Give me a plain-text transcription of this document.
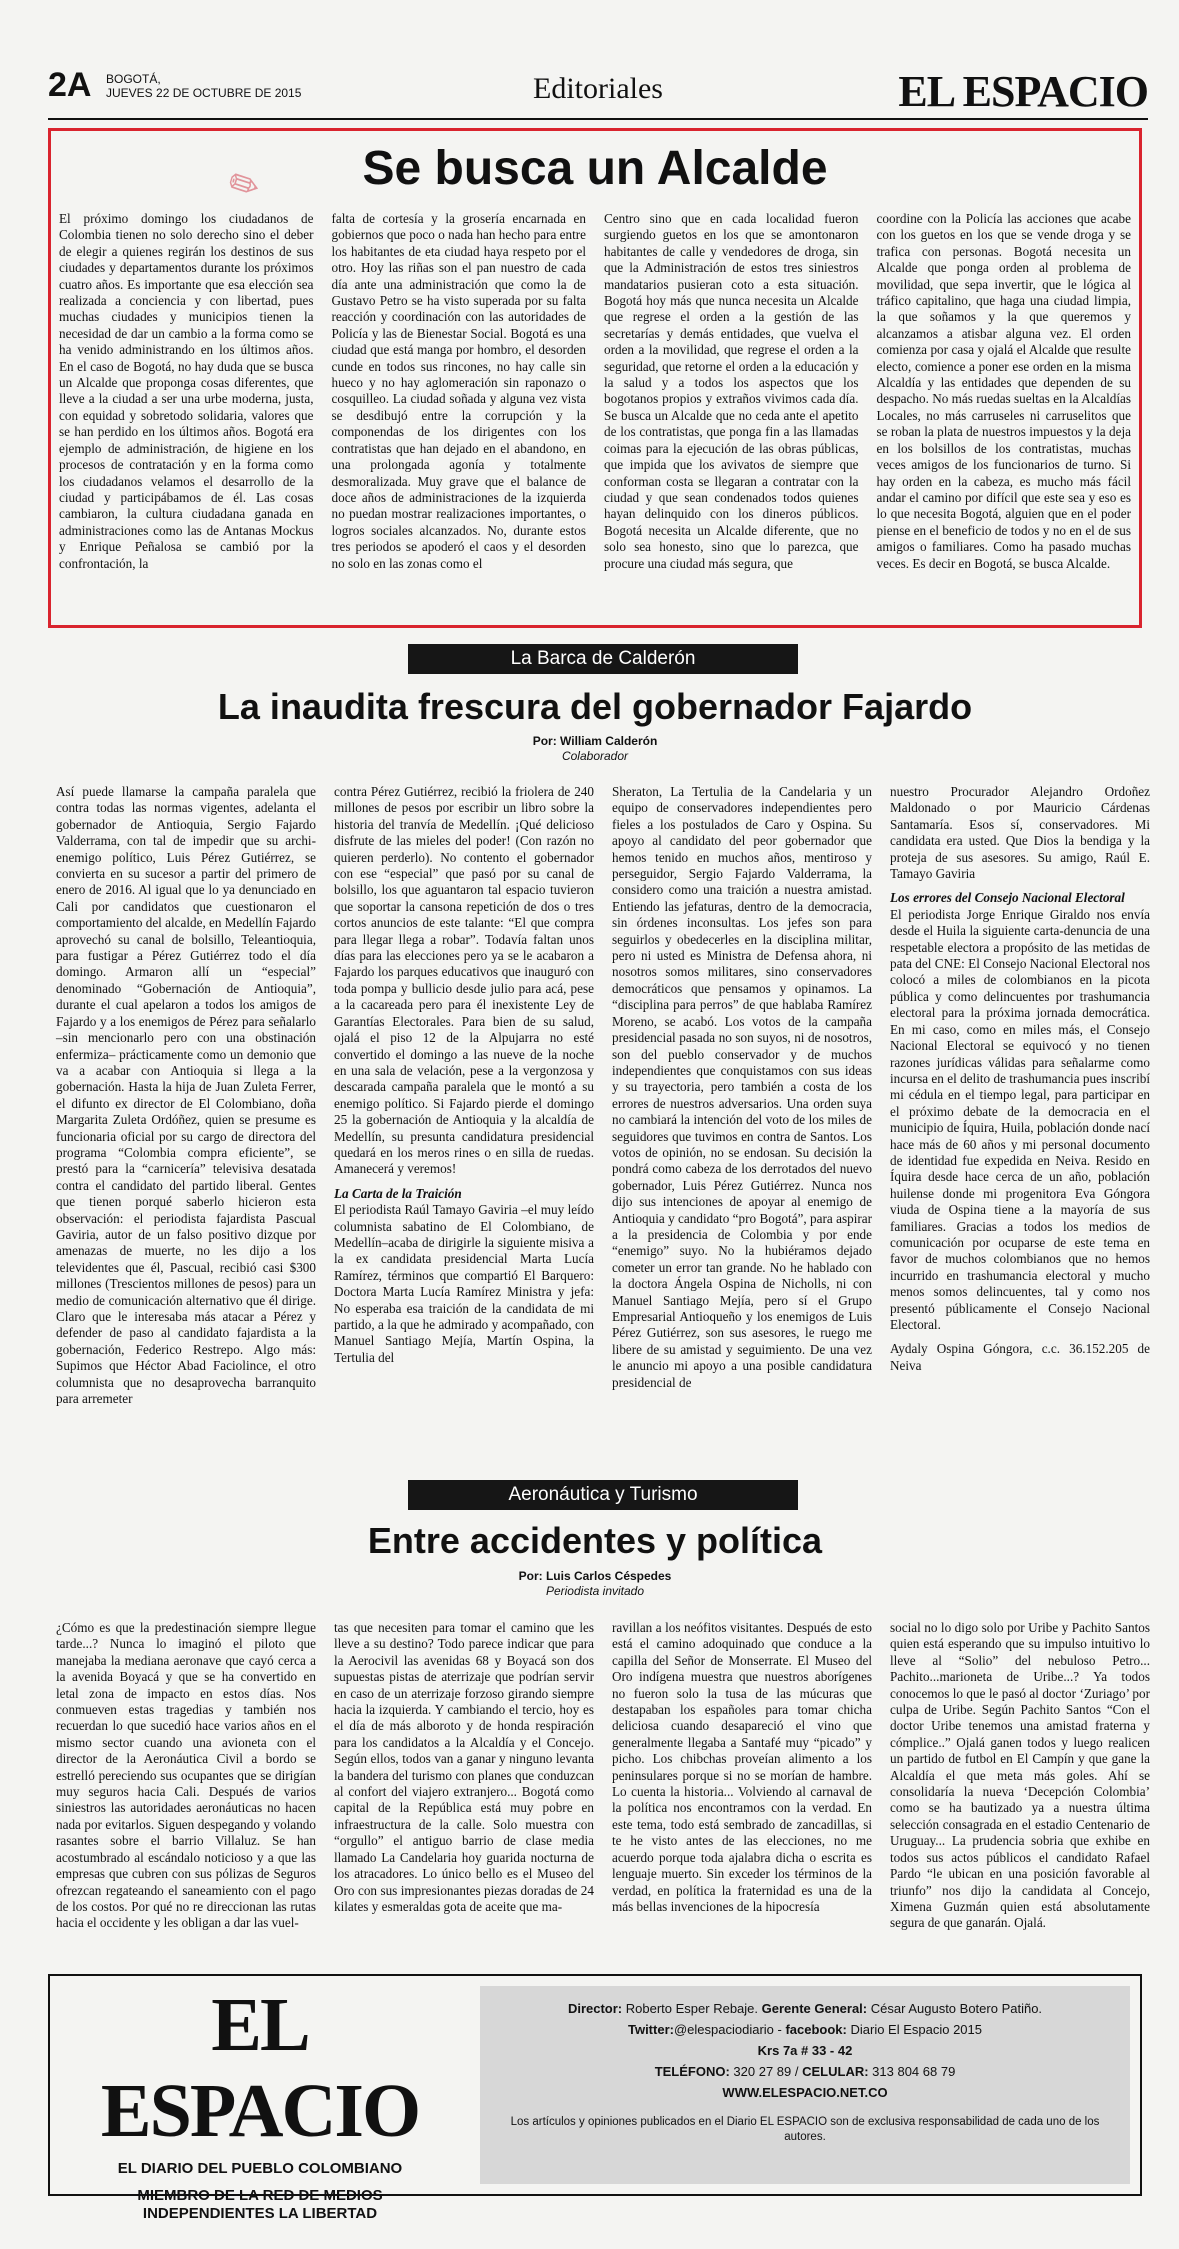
2A BOGOTÁ,
JUEVES 22 DE OCTUBRE DE 2015	Editoriales	EL ESPACIO
✎	Se busca un Alcalde

El próximo domingo los ciudadanos de Colombia tienen no solo derecho sino el deber de elegir a quienes regirán los destinos de sus ciudades y departamentos durante los próximos cuatro años. Es importante que esa elección sea realizada a conciencia y con libertad, pues muchas ciudades y municipios tienen la necesidad de dar un cambio a la forma como se ha venido administrando en los últimos años. En el caso de Bogotá, no hay duda que se busca un Alcalde que proponga cosas diferentes, que lleve a la ciudad a ser una urbe moderna, justa, con equidad y sobretodo solidaria, valores que se han perdido en los últimos años. Bogotá era ejemplo de administración, de higiene en los procesos de contratación y en la forma como los ciudadanos velamos el desarrollo de la ciudad y participábamos de él. Las cosas cambiaron, la cultura ciudadana ganada en administraciones como las de Antanas Mockus y Enrique Peñalosa se cambió por la confrontación, la

falta de cortesía y la grosería encarnada en gobiernos que poco o nada han hecho para entre los habitantes de eta ciudad haya respeto por el otro. Hoy las riñas son el pan nuestro de cada día ante una administración que como la de Gustavo Petro se ha visto superada por su falta reacción y coordinación con las autoridades de Policía y las de Bienestar Social. Bogotá es una ciudad que está manga por hombro, el desorden cunde en todos sus rincones, no hay calle sin hueco y no hay aglomeración sin raponazo o cosquilleo. La ciudad soñada y alguna vez vista se desdibujó entre la corrupción y la componendas de los dirigentes con los contratistas que han dejado en el abandono, en una prolongada agonía y totalmente desmoralizada. Muy grave que el balance de doce años de administraciones de la izquierda no puedan mostrar realizaciones importantes, o logros sociales alcanzados. No, durante estos tres periodos se apoderó el caos y el desorden no solo en las zonas como el

Centro sino que en cada localidad fueron surgiendo guetos en los que se amontonaron habitantes de calle y vendedores de droga, sin que la Administración de estos tres siniestros mandatarios pusieran coto a esta situación. Bogotá hoy más que nunca necesita un Alcalde que regrese el orden a la gestión de las secretarías y demás entidades, que vuelva el orden a la movilidad, que regrese el orden a la seguridad, que retorne el orden a la educación y la salud y a todos los aspectos que los bogotanos propios y extraños vivimos cada día. Se busca un Alcalde que no ceda ante el apetito de los contratistas, que ponga fin a las llamadas coimas para la ejecución de las obras públicas, que impida que los avivatos de siempre que conforman costa se llegaran a contratar con la ciudad y que sean condenados todos quienes hayan delinquido con los dineros públicos. Bogotá necesita un Alcalde diferente, que no solo sea honesto, sino que lo parezca, que procure una ciudad más segura, que

coordine con la Policía las acciones que acabe con los guetos en los que se vende droga y se trafica con personas. Bogotá necesita un Alcalde que ponga orden al problema de movilidad, que sepa invertir, que le lógica al tráfico capitalino, que haga una ciudad limpia, la que soñamos y la que queremos y alcanzamos a atisbar alguna vez. El orden comienza por casa y ojalá el Alcalde que resulte electo, comience a poner ese orden en la misma Alcaldía y las entidades que dependen de su despacho. No más ruedas sueltas en la Alcaldías Locales, no más carruseles ni carruselitos que se roban la plata de nuestros impuestos y la deja en los bolsillos de los contratistas, muchas veces amigos de los funcionarios de turno. Si hay orden en la cabeza, es mucho más fácil andar el camino por difícil que este sea y eso es lo que necesita Bogotá, alguien que en el poder piense en el beneficio de todos y no en el de sus amigos o familiares. Como ha pasado muchas veces. Es decir en Bogotá, se busca Alcalde.

La Barca de Calderón
La inaudita frescura del gobernador Fajardo
Por: William Calderón
Colaborador

Así puede llamarse la campaña paralela que contra todas las normas vigentes, adelanta el gobernador de Antioquia, Sergio Fajardo Valderrama, con tal de impedir que su archi-enemigo político, Luis Pérez Gutiérrez, se convierta en su sucesor a partir del primero de enero de 2016. Al igual que lo ya denunciado en Cali por candidatos que cuestionaron el comportamiento del alcalde, en Medellín Fajardo aprovechó su canal de bolsillo, Teleantioquia, para fustigar a Pérez Gutiérrez todo el día domingo. Armaron allí un “especial” denominado “Gobernación de Antioquia”, durante el cual apelaron a todos los amigos de Fajardo y a los enemigos de Pérez para señalarlo –sin mencionarlo pero con una obstinación enfermiza– prácticamente como un demonio que va a acabar con Antioquia si llega a la gobernación. Hasta la hija de Juan Zuleta Ferrer, el difunto ex director de El Colombiano, doña Margarita Zuleta Ordóñez, quien se presume es funcionaria oficial por su cargo de directora del programa “Colombia compra eficiente”, se prestó para la “carnicería” televisiva desatada contra el candidato del partido liberal. Gentes que tienen porqué saberlo hicieron esta observación: el periodista fajardista Pascual Gaviria, autor de un falso positivo dizque por amenazas de muerte, no les dijo a los televidentes que él, Pascual, recibió casi $300 millones (Trescientos millones de pesos) para un medio de comunicación alternativo que él dirige. Claro que le interesaba más atacar a Pérez y defender de paso al candidato fajardista a la gobernación, Federico Restrepo. Algo más: Supimos que Héctor Abad Faciolince, el otro columnista que no desaprovecha barranquito para arremeter

contra Pérez Gutiérrez, recibió la friolera de 240 millones de pesos por escribir un libro sobre la historia del tranvía de Medellín. ¡Qué delicioso disfrute de las mieles del poder! (Con razón no quieren perderlo). No contento el gobernador con ese “especial” que pasó por su canal de bolsillo, los que aguantaron tal espacio tuvieron que soportar la cansona repetición de dos o tres cortos anuncios de este talante: “El que compra para llegar llega a robar”. Todavía faltan unos días para las elecciones pero ya se le acabaron a Fajardo los parques educativos que inauguró con toda pompa y bullicio desde julio para acá, pese a la cacareada pero para él inexistente Ley de Garantías Electorales. Para bien de su salud, ojalá el piso 12 de la Alpujarra no esté convertido el domingo a las nueve de la noche en una sala de velación, pese a la vergonzosa y descarada campaña paralela que le montó a su enemigo político. Si Fajardo pierde el domingo 25 la gobernación de Antioquia y la alcaldía de Medellín, su presunta candidatura presidencial quedará en los meros rines o en silla de ruedas. Amanecerá y veremos!

La Carta de la Traición

El periodista Raúl Tamayo Gaviria –el muy leído columnista sabatino de El Colombiano, de Medellín–acaba de dirigirle la siguiente misiva a la ex candidata presidencial Marta Lucía Ramírez, términos que compartió El Barquero: Doctora Marta Lucía Ramírez Ministra y jefa: No esperaba esa traición de la candidata de mi partido, a la que he admirado y acompañado, con Manuel Santiago Mejía, Martín Ospina, la Tertulia del

Sheraton, La Tertulia de la Candelaria y un equipo de conservadores independientes pero fieles a los postulados de Caro y Ospina. Su apoyo al candidato del peor gobernador que hemos tenido en muchos años, mentiroso y perseguidor, Sergio Fajardo Valderrama, la considero como una traición a nuestra amistad. Entiendo las jefaturas, dentro de la democracia, sin órdenes inconsultas. Los jefes son para seguirlos y obedecerles en la disciplina militar, pero ni usted es Ministra de Defensa ahora, ni nosotros somos militares, sino conservadores democráticos que pensamos y opinamos. La “disciplina para perros” de que hablaba Ramírez Moreno, se acabó. Los votos de la campaña presidencial pasada no son suyos, ni de nosotros, son del pueblo conservador y de muchos independientes que conquistamos con sus ideas y su trayectoria, pero también a costa de los errores de nuestros adversarios. Una orden suya no cambiará la intención del voto de los miles de seguidores que tuvimos en contra de Santos. Los votos de opinión, no se endosan. Su decisión la pondrá como cabeza de los derrotados del nuevo gobernador, Luis Pérez Gutiérrez. Nunca nos dijo sus intenciones de apoyar al enemigo de Antioquia y candidato “pro Bogotá”, para aspirar a la presidencia de Colombia y por ende “enemigo” suyo. No la hubiéramos dejado cometer un error tan grande. No he hablado con la doctora Ángela Ospina de Nicholls, ni con Manuel Santiago Mejía, pero sí el Grupo Empresarial Antioqueño y los enemigos de Luis Pérez Gutiérrez, son sus asesores, le ruego me libere de su amistad y seguimiento. De una vez le anuncio mi apoyo a una posible candidatura presidencial de

nuestro Procurador Alejandro Ordoñez Maldonado o por Mauricio Cárdenas Santamaría. Esos sí, conservadores. Mi candidata era usted. Que Dios la bendiga y la proteja de sus asesores. Su amigo, Raúl E. Tamayo Gaviria

Los errores del Consejo Nacional Electoral

El periodista Jorge Enrique Giraldo nos envía desde el Huila la siguiente carta-denuncia de una respetable electora a propósito de las metidas de pata del CNE: El Consejo Nacional Electoral nos colocó a miles de colombianos en la picota pública y como delincuentes por trashumancia electoral para la próxima jornada democrática. En mi caso, como en miles más, el Consejo Nacional Electoral se equivocó y no tienen razones jurídicas válidas para señalarme como incursa en el delito de trashumancia pues inscribí mi cédula en el tiempo legal, para participar en el próximo debate de la democracia en el municipio de Íquira, Huila, población donde nací hace más de 60 años y mi personal documento de identidad fue expedida en Neiva. Resido en Íquira desde hace cerca de un año, población huilense donde mi progenitora Eva Góngora viuda de Ospina tiene a la mayoría de sus familiares. Gracias a todos los medios de comunicación por ocuparse de este tema en favor de muchos colombianos que no hemos incurrido en trashumancia electoral y mucho menos somos delincuentes, tal y como nos presentó públicamente el Consejo Nacional Electoral.

Aydaly Ospina Góngora, c.c. 36.152.205 de Neiva

Aeronáutica y Turismo
Entre accidentes y política
Por: Luis Carlos Céspedes
Periodista invitado

¿Cómo es que la predestinación siempre llegue tarde...? Nunca lo imaginó el piloto que manejaba la mediana aeronave que cayó cerca a la avenida Boyacá y que se ha convertido en letal zona de impacto en estos días. Nos conmueven estas tragedias y también nos recuerdan lo que sucedió hace varios años en el mismo sector cuando una avioneta con el director de la Aeronáutica Civil a bordo se estrelló pereciendo sus ocupantes que se dirigían muy seguros hacia Cali. Después de varios siniestros las autoridades aeronáuticas no hacen nada por evitarlos. Siguen despegando y volando rasantes sobre el barrio Villaluz. Se han acostumbrado al escándalo noticioso y a que las empresas que cubren con sus pólizas de Seguros ofrezcan regateando el saneamiento con el pago de los costos. Por qué no re direccionan las rutas hacia el occidente y les obligan a dar las vuel-

tas que necesiten para tomar el camino que les lleve a su destino? Todo parece indicar que para la Aerocivil las avenidas 68 y Boyacá son dos supuestas pistas de aterrizaje que podrían servir en caso de un aterrizaje forzoso girando siempre hacia la izquierda. Y cambiando el tercio, hoy es el día de más alboroto y de honda respiración para los candidatos a la Alcaldía y el Concejo. Según ellos, todos van a ganar y ninguno levanta la bandera del turismo con planes que conduzcan al confort del viajero extranjero... Bogotá como capital de la República está muy pobre en infraestructura de la calle. Solo muestra con “orgullo” el antiguo barrio de clase media llamado La Candelaria hoy guarida nocturna de los atracadores. Lo único bello es el Museo del Oro con sus impresionantes piezas doradas de 24 kilates y esmeraldas gota de aceite que ma-

ravillan a los neófitos visitantes. Después de esto está el camino adoquinado que conduce a la capilla del Señor de Monserrate. El Museo del Oro indígena muestra que nuestros aborígenes no fueron solo la tusa de las múcuras que destapaban los españoles para tomar chicha deliciosa cuando desapareció el vino que generalmente llegaba a Santafé muy “picado” y picho. Los chibchas proveían alimento a los peninsulares porque si no se morían de hambre. Lo cuenta la historia... Volviendo al carnaval de la política nos encontramos con la verdad. En este tema, todo está sembrado de zancadillas, si te he visto antes de las elecciones, no me acuerdo porque toda ajalabra dicha o escrita es lenguaje muerto. Sin exceder los términos de la verdad, en política la fraternidad es una de la más bellas invenciones de la hipocresía

social no lo digo solo por Uribe y Pachito Santos quien está esperando que su impulso intuitivo lo lleve al “Solio” del nebuloso Petro... Pachito...marioneta de Uribe...? Ya todos conocemos lo que le pasó al doctor ‘Zuriago’ por culpa de Uribe. Según Pachito Santos “Con el doctor Uribe tenemos una amistad fraterna y cómplice..” Ojalá ganen todos y luego realicen un partido de futbol en El Campín y que gane la Alcaldía el que meta más goles. Ahí se consolidaría la nueva ‘Decepción Colombia’ como se ha bautizado ya a nuestra última selección consagrada en el estadio Centenario de Uruguay... La prudencia sobria que exhibe en todos sus actos públicos el candidato Rafael Pardo “le ubican en una posición favorable al triunfo” nos dijo la candidata al Concejo, Ximena Guzmán quien está absolutamente segura de que ganarán. Ojalá.

EL ESPACIO
EL DIARIO DEL PUEBLO COLOMBIANO
MIEMBRO DE LA RED DE MEDIOS
INDEPENDIENTES LA LIBERTAD
Director: Roberto Esper Rebaje. Gerente General: César Augusto Botero Patiño.
Twitter:@elespaciodiario - facebook: Diario El Espacio 2015
Krs 7a # 33 - 42
TELÉFONO: 320 27 89 / CELULAR: 313 804 68 79
WWW.ELESPACIO.NET.CO
Los artículos y opiniones publicados en el Diario EL ESPACIO son de exclusiva responsabilidad de cada uno de los autores.
